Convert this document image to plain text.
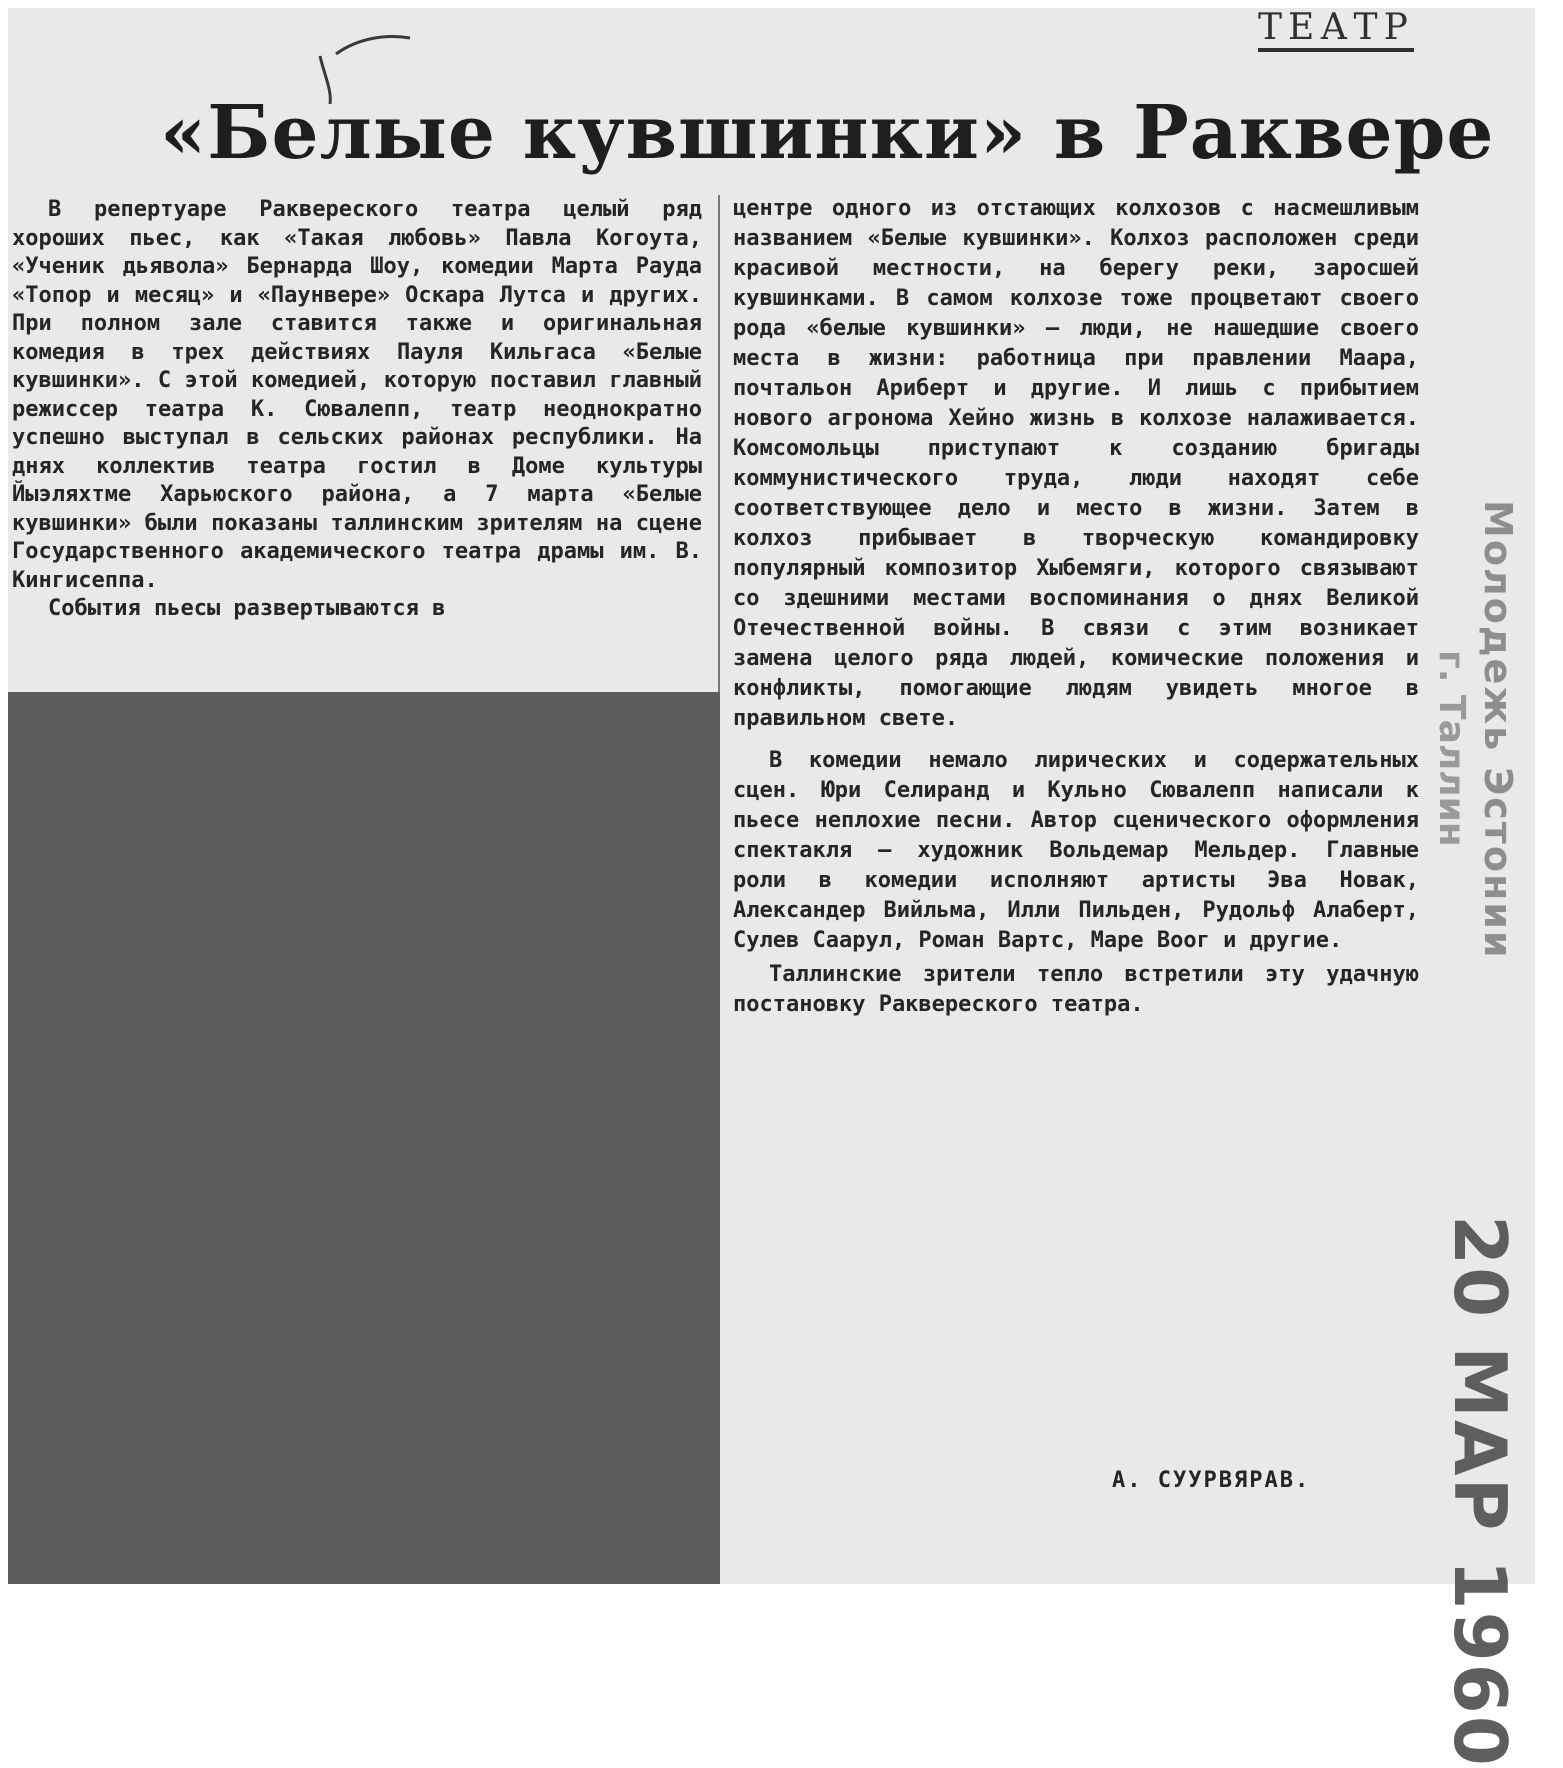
ТЕАТР
«Белые кувшинки» в Раквере

В репертуаре Ракверeского театра целый ряд хороших пьес, как «Такая любовь» Павла Когоута, «Ученик дьявола» Бернарда Шоу, комедии Марта Рауда «Топор и месяц» и «Паунвере» Оскара Лутса и других. При полном зале ставится также и оригинальная комедия в трех действиях Пауля Кильгаса «Белые кувшинки». С этой комедией, которую поставил главный режиссер театра К. Сювалепп, театр неоднократно успешно выступал в сельских районах республики. На днях коллектив театра гостил в Доме культуры Йыэляхтме Харьюского района, а 7 марта «Белые кувшинки» были показаны таллинским зрителям на сцене Государственного академического театра драмы им. В. Кингисеппа.

События пьесы развертываются в

центре одного из отстающих колхозов с насмешливым названием «Белые кувшинки». Колхоз расположен среди красивой местности, на берегу реки, заросшей кувшинками. В самом колхозе тоже процветают своего рода «белые кувшинки» — люди, не нашедшие своего места в жизни: работница при правлении Маара, почтальон Ариберт и другие. И лишь с прибытием нового агронома Хейно жизнь в колхозе налаживается. Комсомольцы приступают к созданию бригады коммунистического труда, люди находят себе соответствующее дело и место в жизни. Затем в колхоз прибывает в творческую командировку популярный композитор Хыбемяги, которого связывают со здешними местами воспоминания о днях Великой Отечественной войны. В связи с этим возникает замена целого ряда людей, комические положения и конфликты, помогающие людям увидеть многое в правильном свете.

В комедии немало лирических и содержательных сцен. Юри Селиранд и Кульно Сювалепп написали к пьесе неплохие песни. Автор сценического оформления спектакля — художник Вольдемар Мельдер. Главные роли в комедии исполняют артисты Эва Новак, Александер Вийльма, Илли Пильден, Рудольф Алаберт, Сулев Саарул, Роман Вартс, Маре Воог и другие.

Таллинские зрители тепло встретили эту удачную постановку Ракверeского театра.

А. СУУРВЯРАВ.
Молодежь Эстонии
г. Таллин
20 МАР 1960
